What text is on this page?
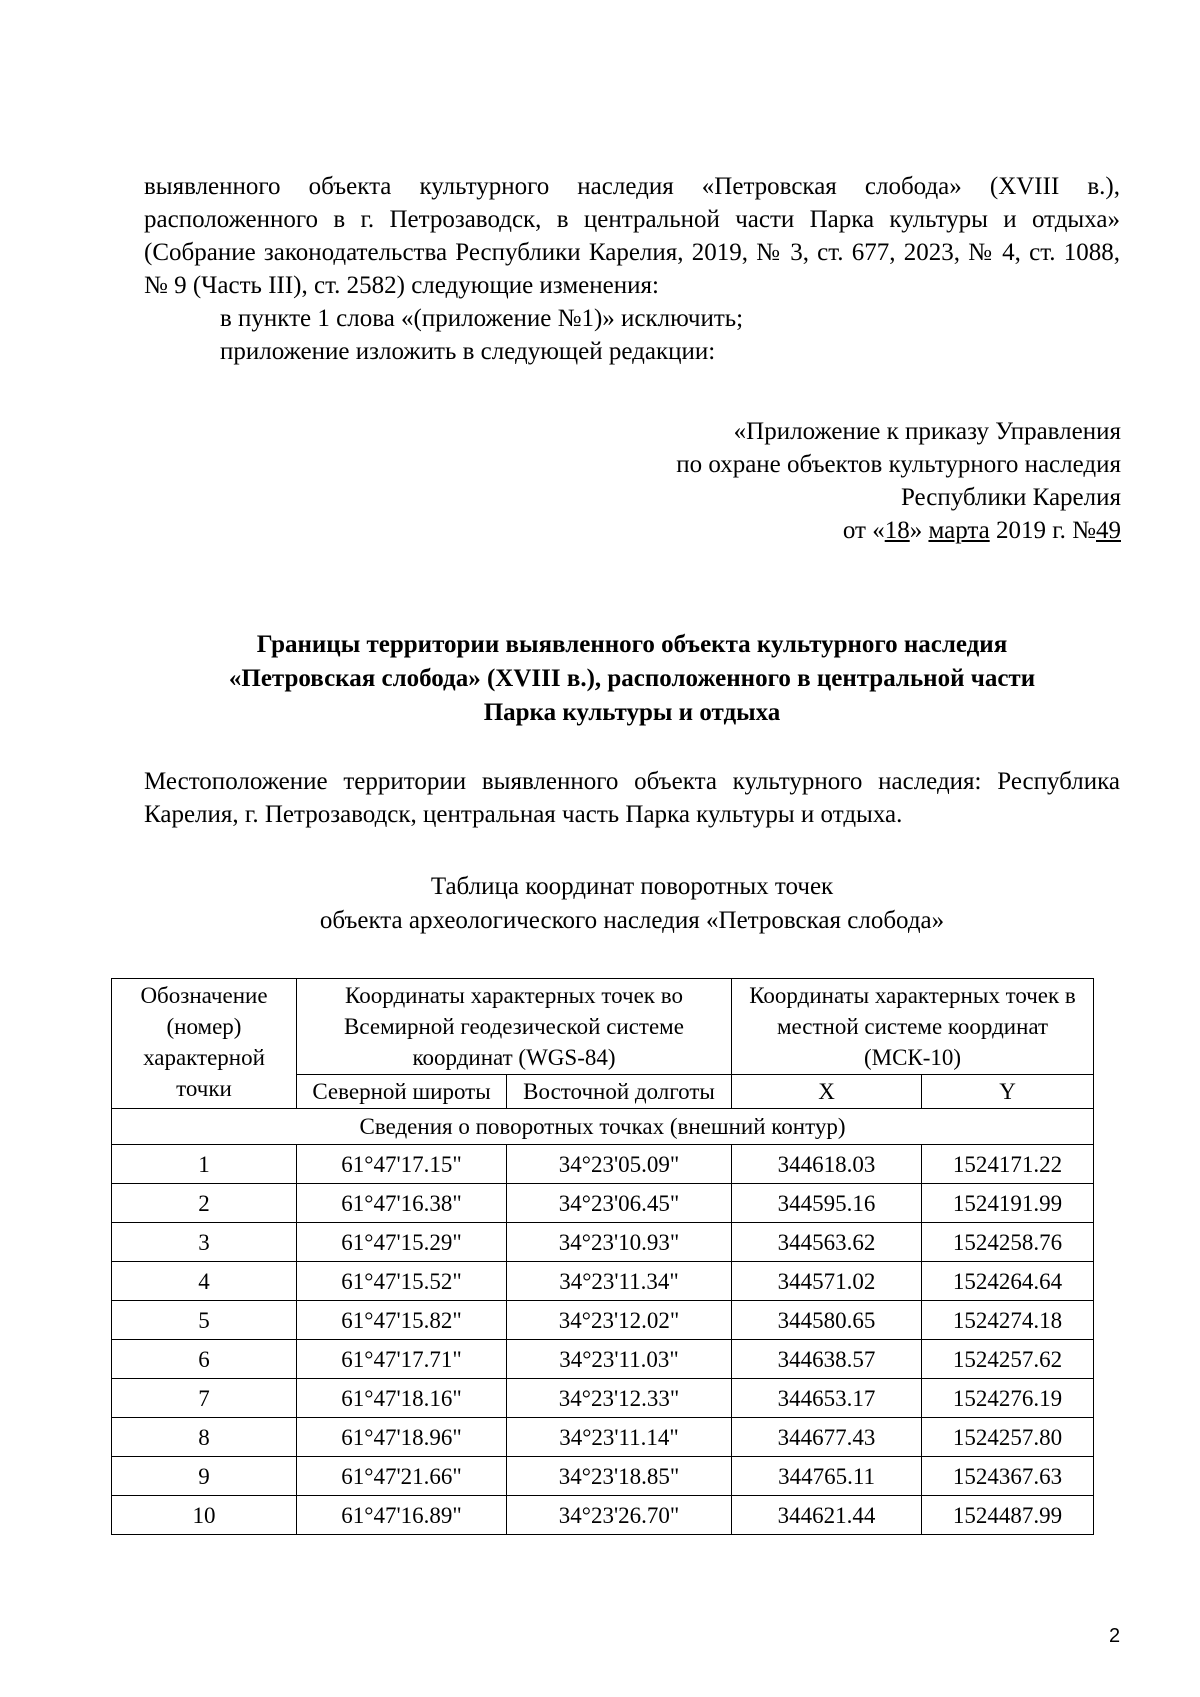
выявленного объекта культурного наследия «Петровская слобода» (XVIII в.), расположенного в г. Петрозаводск, в центральной части Парка культуры и отдыха» (Собрание законодательства Республики Карелия, 2019, № 3, ст. 677, 2023, № 4, ст. 1088, № 9 (Часть III), ст. 2582) следующие изменения:

в пункте 1 слова «(приложение №1)» исключить;

приложение изложить в следующей редакции:

«Приложение к приказу Управления
по охране объектов культурного наследия
Республики Карелия
от «18» марта 2019 г. №49
Границы территории выявленного объекта культурного наследия
«Петровская слобода» (XVIII в.), расположенного в центральной части
Парка культуры и отдыха

Местоположение территории выявленного объекта культурного наследия: Республика Карелия, г. Петрозаводск, центральная часть Парка культуры и отдыха.

Таблица координат поворотных точек
объекта археологического наследия «Петровская слобода»
Обозначение (номер) характерной точки	Координаты характерных точек во Всемирной геодезической системе координат (WGS-84)		Координаты характерных точек в местной системе координат (МСК-10)	
	Северной широты	Восточной долготы	X	Y
Сведения о поворотных точках (внешний контур)				
1	61°47'17.15"	34°23'05.09"	344618.03	1524171.22
2	61°47'16.38"	34°23'06.45"	344595.16	1524191.99
3	61°47'15.29"	34°23'10.93"	344563.62	1524258.76
4	61°47'15.52"	34°23'11.34"	344571.02	1524264.64
5	61°47'15.82"	34°23'12.02"	344580.65	1524274.18
6	61°47'17.71"	34°23'11.03"	344638.57	1524257.62
7	61°47'18.16"	34°23'12.33"	344653.17	1524276.19
8	61°47'18.96"	34°23'11.14"	344677.43	1524257.80
9	61°47'21.66"	34°23'18.85"	344765.11	1524367.63
10	61°47'16.89"	34°23'26.70"	344621.44	1524487.99
2
